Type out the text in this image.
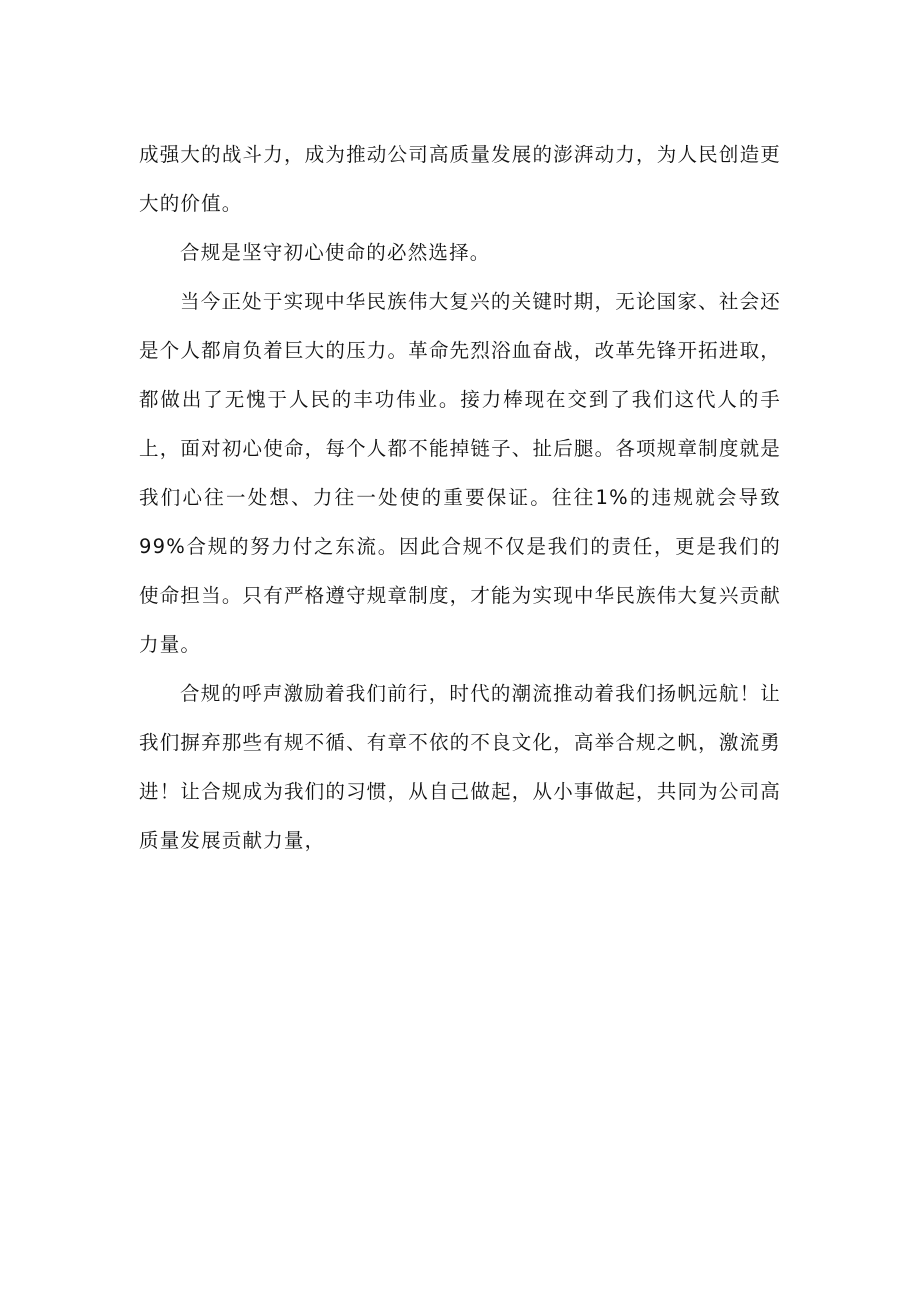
成强大的战斗力，成为推动公司高质量发展的澎湃动力，为人民创造更大的价值。

合规是坚守初心使命的必然选择。

当今正处于实现中华民族伟大复兴的关键时期，无论国家、社会还是个人都肩负着巨大的压力。革命先烈浴血奋战，改革先锋开拓进取，都做出了无愧于人民的丰功伟业。接力棒现在交到了我们这代人的手上，面对初心使命，每个人都不能掉链子、扯后腿。各项规章制度就是我们心往一处想、力往一处使的重要保证。往往1%的违规就会导致99%合规的努力付之东流。因此合规不仅是我们的责任，更是我们的使命担当。只有严格遵守规章制度，才能为实现中华民族伟大复兴贡献力量。

合规的呼声激励着我们前行，时代的潮流推动着我们扬帆远航！让我们摒弃那些有规不循、有章不依的不良文化，高举合规之帆，激流勇进！让合规成为我们的习惯，从自己做起，从小事做起，共同为公司高质量发展贡献力量，
